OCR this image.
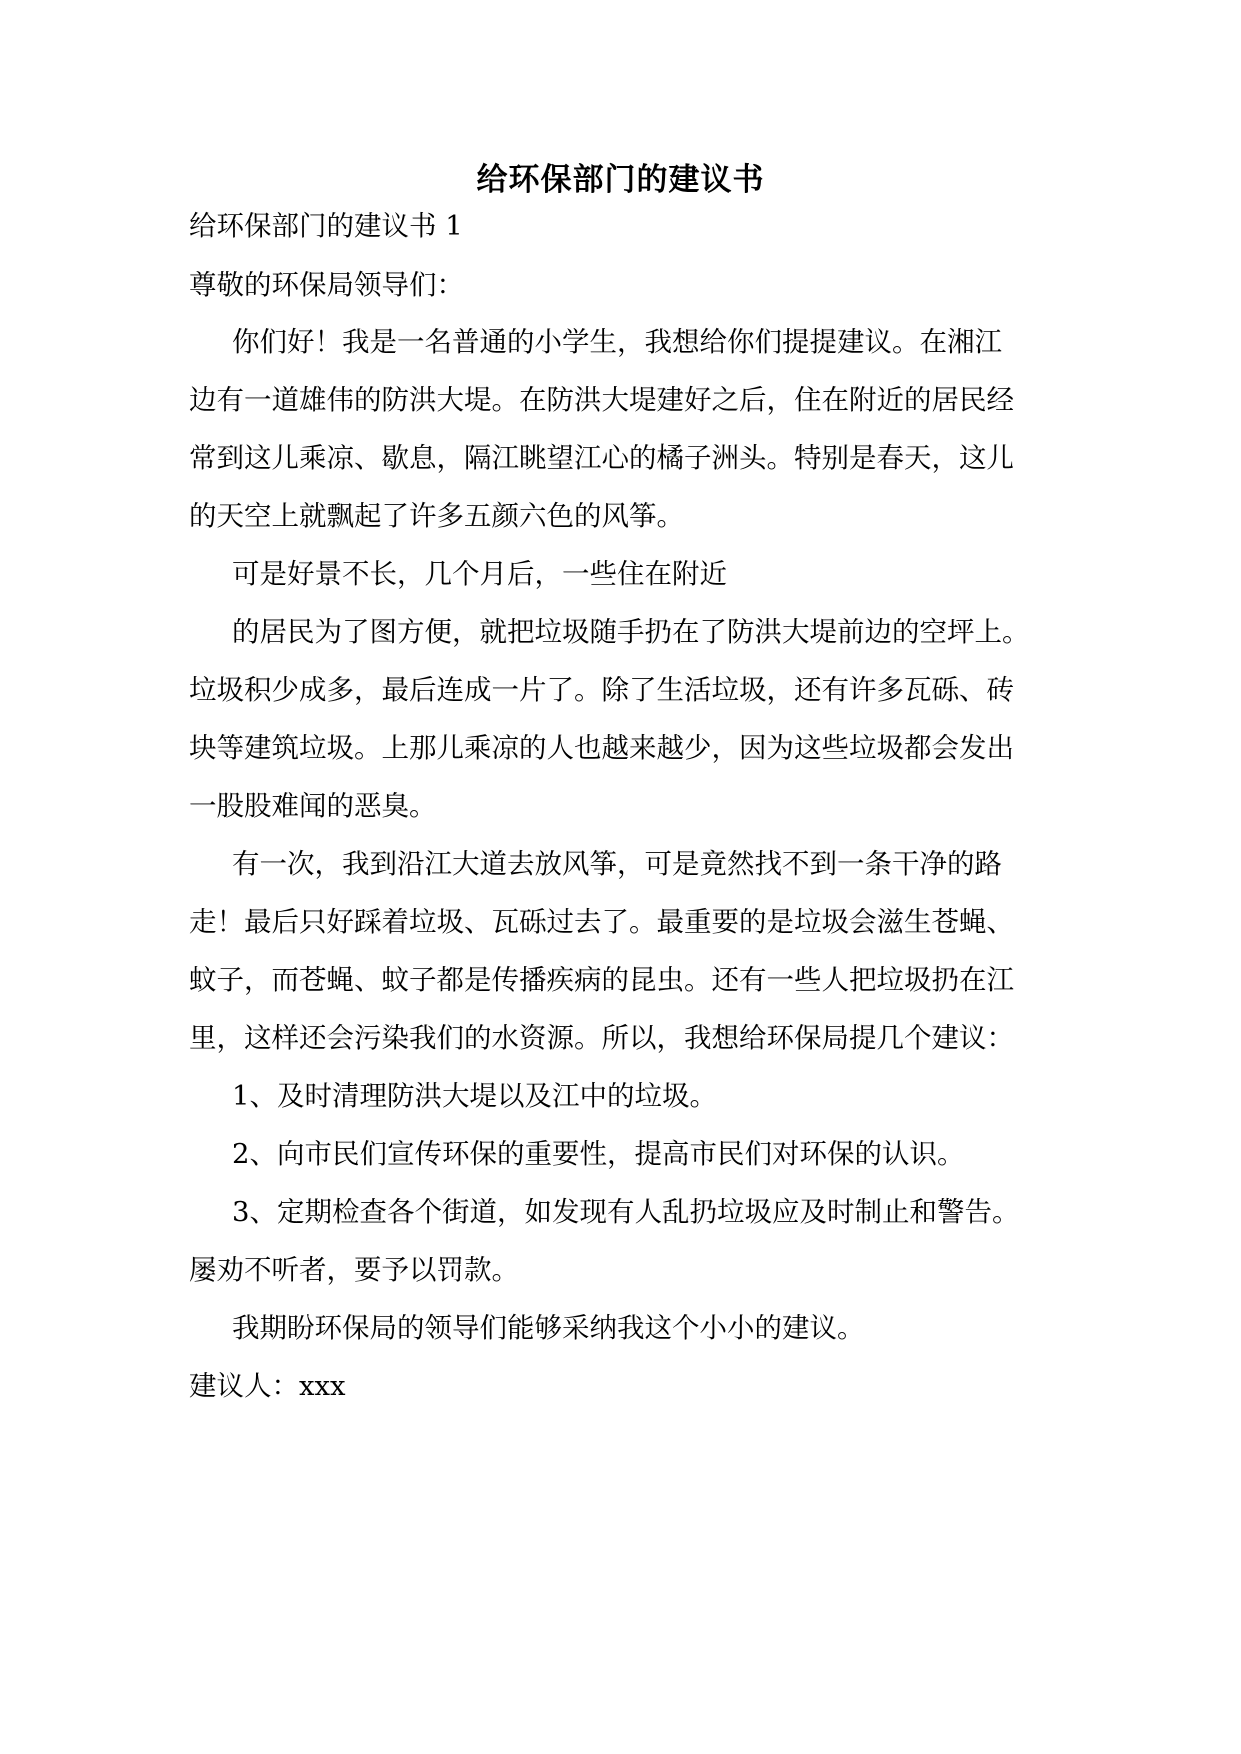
给环保部门的建议书
给环保部门的建议书 1
尊敬的环保局领导们：
你们好！我是一名普通的小学生，我想给你们提提建议。在湘江
边有一道雄伟的防洪大堤。在防洪大堤建好之后，住在附近的居民经
常到这儿乘凉、歇息，隔江眺望江心的橘子洲头。特别是春天，这儿
的天空上就飘起了许多五颜六色的风筝。
可是好景不长，几个月后，一些住在附近
的居民为了图方便，就把垃圾随手扔在了防洪大堤前边的空坪上。
垃圾积少成多，最后连成一片了。除了生活垃圾，还有许多瓦砾、砖
块等建筑垃圾。上那儿乘凉的人也越来越少，因为这些垃圾都会发出
一股股难闻的恶臭。
有一次，我到沿江大道去放风筝，可是竟然找不到一条干净的路
走！最后只好踩着垃圾、瓦砾过去了。最重要的是垃圾会滋生苍蝇、
蚊子，而苍蝇、蚊子都是传播疾病的昆虫。还有一些人把垃圾扔在江
里，这样还会污染我们的水资源。所以，我想给环保局提几个建议：
1、及时清理防洪大堤以及江中的垃圾。
2、向市民们宣传环保的重要性，提高市民们对环保的认识。
3、定期检查各个街道，如发现有人乱扔垃圾应及时制止和警告。
屡劝不听者，要予以罚款。
我期盼环保局的领导们能够采纳我这个小小的建议。
建议人：xxx
